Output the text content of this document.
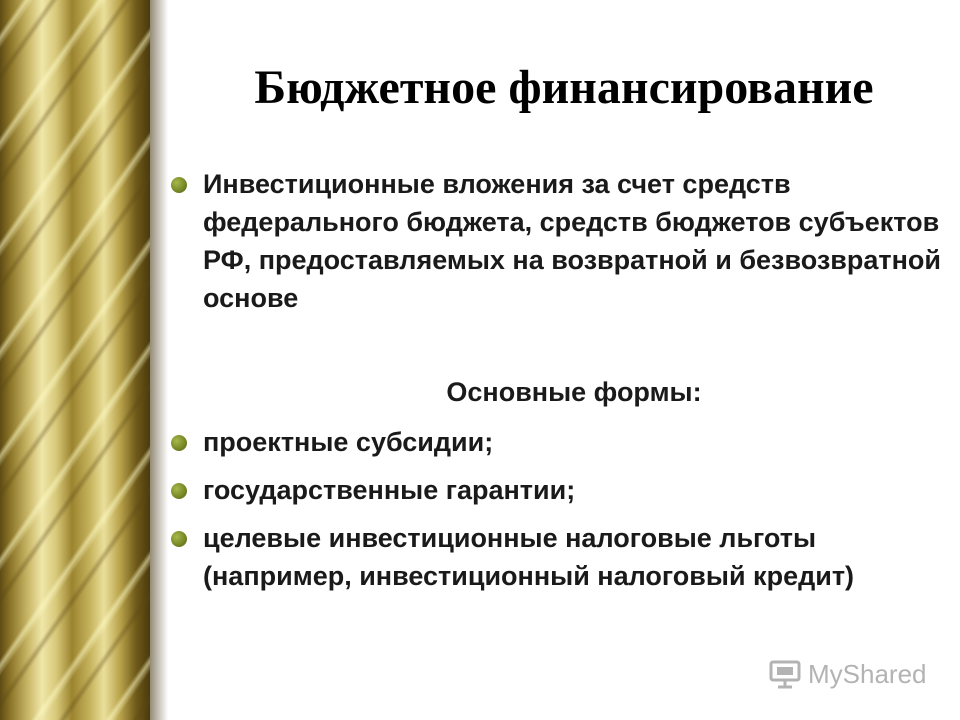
Бюджетное финансирование
Инвестиционные вложения за счет средств федерального бюджета, средств бюджетов субъектов РФ, предоставляемых на возвратной и безвозвратной основе
Основные формы:
проектные субсидии;
государственные гарантии;
целевые инвестиционные налоговые льготы (например, инвестиционный налоговый кредит)
MyShared
